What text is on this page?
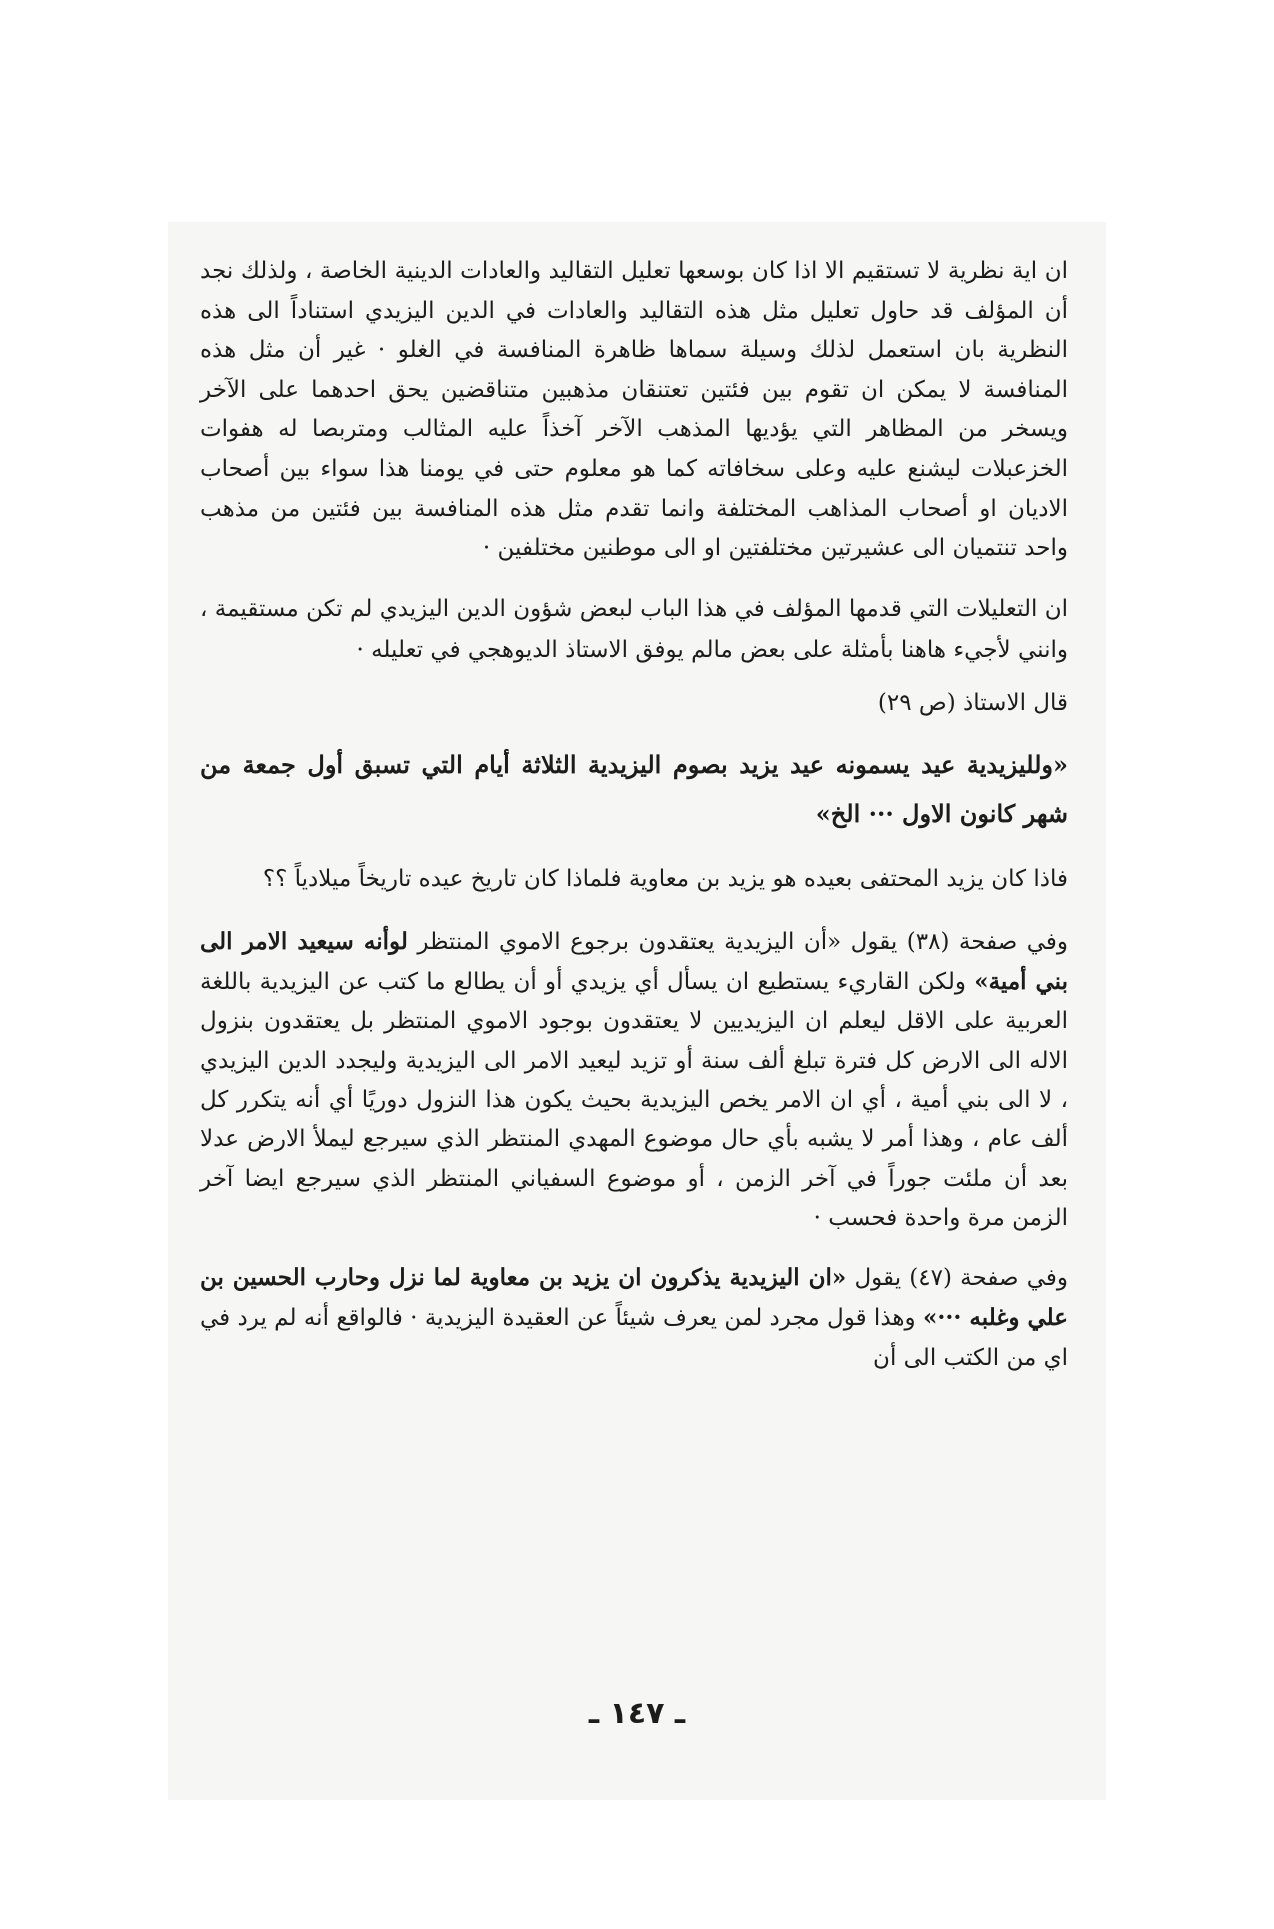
ان اية نظرية لا تستقيم الا اذا كان بوسعها تعليل التقاليد والعادات الدينية الخاصة ، ولذلك نجد أن المؤلف قد حاول تعليل مثل هذه التقاليد والعادات في الدين اليزيدي استناداً الى هذه النظرية بان استعمل لذلك وسيلة سماها ظاهرة المنافسة في الغلو · غير أن مثل هذه المنافسة لا يمكن ان تقوم بين فئتين تعتنقان مذهبين متناقضين يحق احدهما على الآخر ويسخر من المظاهر التي يؤديها المذهب الآخر آخذاً عليه المثالب ومتربصا له هفوات الخزعبلات ليشنع عليه وعلى سخافاته كما هو معلوم حتى في يومنا هذا سواء بين أصحاب الاديان او أصحاب المذاهب المختلفة وانما تقدم مثل هذه المنافسة بين فئتين من مذهب واحد تنتميان الى عشيرتين مختلفتين او الى موطنين مختلفين ·

ان التعليلات التي قدمها المؤلف في هذا الباب لبعض شؤون الدين اليزيدي لم تكن مستقيمة ، وانني لأجيء هاهنا بأمثلة على بعض مالم يوفق الاستاذ الديوهجي في تعليله ·

قال الاستاذ (ص ٢٩)

«ولليزيدية عيد يسمونه عيد يزيد بصوم اليزيدية الثلاثة أيام التي تسبق أول جمعة من شهر كانون الاول ··· الخ»

فاذا كان يزيد المحتفى بعيده هو يزيد بن معاوية فلماذا كان تاريخ عيده تاريخاً ميلادياً ؟؟

وفي صفحة (٣٨) يقول «أن اليزيدية يعتقدون برجوع الاموي المنتظر لوأنه سيعيد الامر الى بني أمية» ولكن القاريء يستطيع ان يسأل أي يزيدي أو أن يطالع ما كتب عن اليزيدية باللغة العربية على الاقل ليعلم ان اليزيديين لا يعتقدون بوجود الاموي المنتظر بل يعتقدون بنزول الاله الى الارض كل فترة تبلغ ألف سنة أو تزيد ليعيد الامر الى اليزيدية وليجدد الدين اليزيدي ، لا الى بني أمية ، أي ان الامر يخص اليزيدية بحيث يكون هذا النزول دوريًا أي أنه يتكرر كل ألف عام ، وهذا أمر لا يشبه بأي حال موضوع المهدي المنتظر الذي سيرجع ليملأ الارض عدلا بعد أن ملئت جوراً في آخر الزمن ، أو موضوع السفياني المنتظر الذي سيرجع ايضا آخر الزمن مرة واحدة فحسب ·

وفي صفحة (٤٧) يقول «ان اليزيدية يذكرون ان يزيد بن معاوية لما نزل وحارب الحسين بن علي وغلبه ···» وهذا قول مجرد لمن يعرف شيئاً عن العقيدة اليزيدية · فالواقع أنه لم يرد في اي من الكتب الى أن

ـ ١٤٧ ـ
